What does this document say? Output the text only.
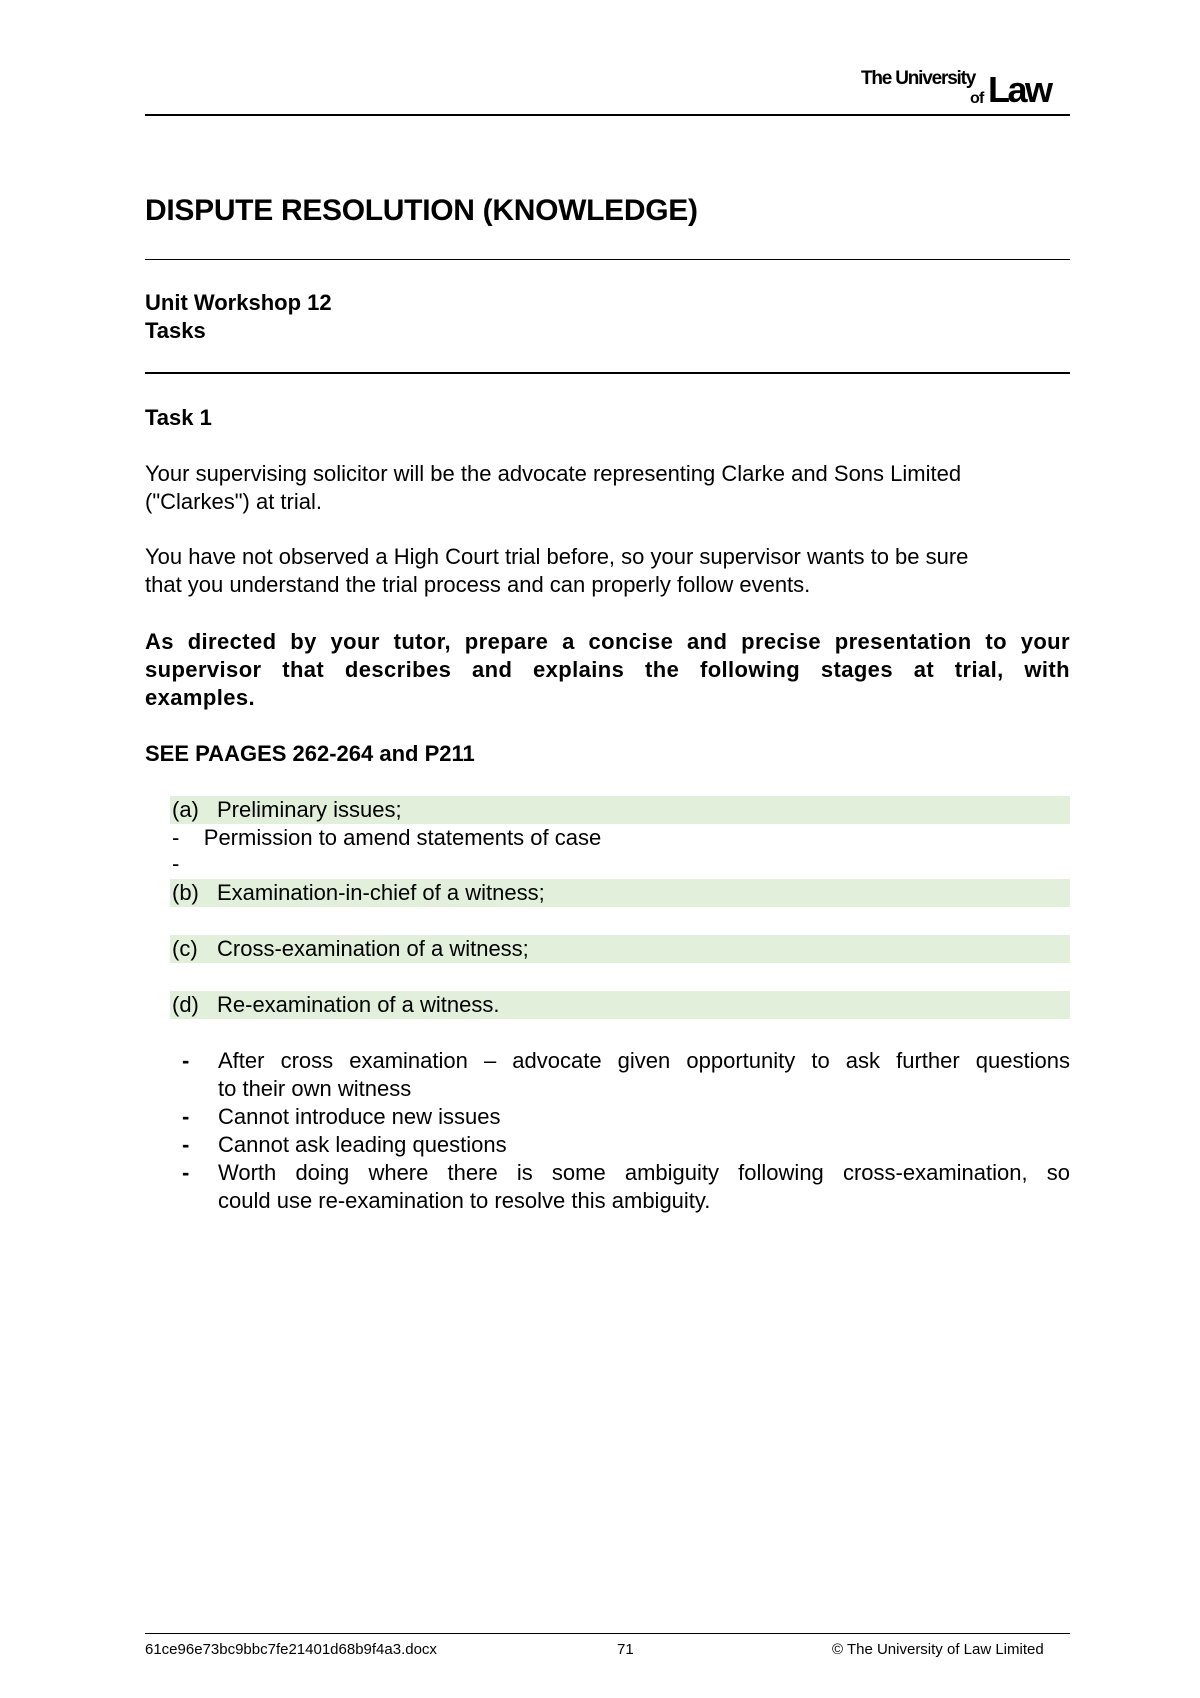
The University
of Law
DISPUTE RESOLUTION (KNOWLEDGE)
Unit Workshop 12
Tasks
Task 1
Your supervising solicitor will be the advocate representing Clarke and Sons Limited
("Clarkes") at trial.
You have not observed a High Court trial before, so your supervisor wants to be sure
that you understand the trial process and can properly follow events.
As directed by your tutor, prepare a concise and precise presentation to your
supervisor that describes and explains the following stages at trial, with
examples.
SEE PAAGES 262-264 and P211
(a) Preliminary issues;
-    Permission to amend statements of case
-
(b) Examination-in-chief of a witness;
(c) Cross-examination of a witness;
(d) Re-examination of a witness.
- After cross examination – advocate given opportunity to ask further questions
to their own witness
- Cannot introduce new issues
- Cannot ask leading questions
- Worth doing where there is some ambiguity following cross-examination, so
could use re-examination to resolve this ambiguity.
61ce96e73bc9bbc7fe21401d68b9f4a3.docx	71	© The University of Law Limited
